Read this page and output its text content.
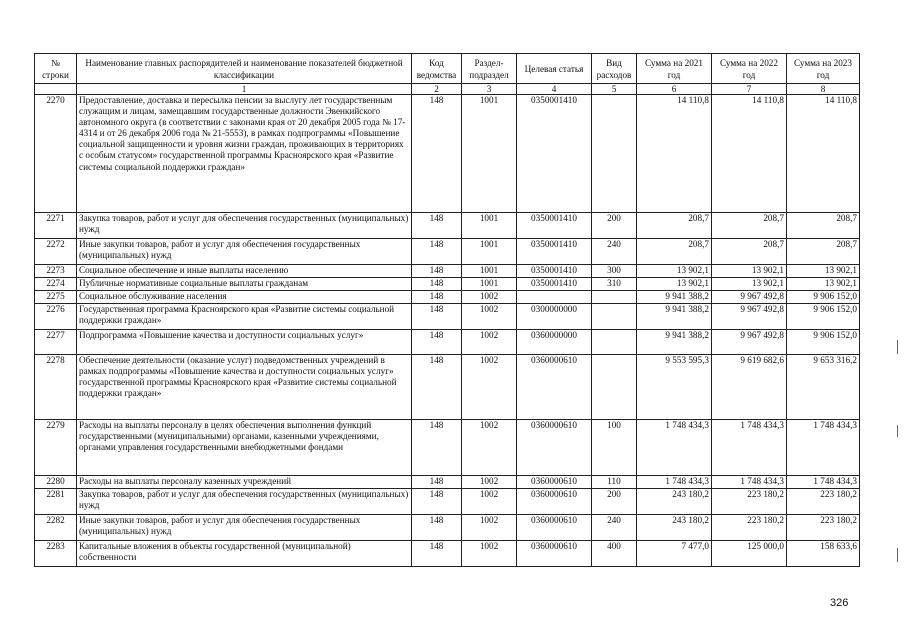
№ строки	Наименование главных распорядителей и наименование показателей бюджетной классификации	Код ведомства	Раздел-подраздел	Целевая статья	Вид расходов	Сумма на 2021 год	Сумма на 2022 год	Сумма на 2023 год
	1	2	3	4	5	6	7	8
2270	Предоставление, доставка и пересылка пенсии за выслугу лет государственным служащим и лицам, замещавшим государственные должности Эвенкийского автономного округа (в соответствии с законами края от 20 декабря 2005 года № 17-4314 и от 26 декабря 2006 года № 21-5553), в рамках подпрограммы «Повышение социальной защищенности и уровня жизни граждан, проживающих в территориях с особым статусом» государственной программы Красноярского края «Развитие системы социальной поддержки граждан»	148	1001	0350001410		14 110,8	14 110,8	14 110,8
2271	Закупка товаров, работ и услуг для обеспечения государственных (муниципальных) нужд	148	1001	0350001410	200	208,7	208,7	208,7
2272	Иные закупки товаров, работ и услуг для обеспечения государственных (муниципальных) нужд	148	1001	0350001410	240	208,7	208,7	208,7
2273	Социальное обеспечение и иные выплаты населению	148	1001	0350001410	300	13 902,1	13 902,1	13 902,1
2274	Публичные нормативные социальные выплаты гражданам	148	1001	0350001410	310	13 902,1	13 902,1	13 902,1
2275	Социальное обслуживание населения	148	1002			9 941 388,2	9 967 492,8	9 906 152,0
2276	Государственная программа Красноярского края «Развитие системы социальной поддержки граждан»	148	1002	0300000000		9 941 388,2	9 967 492,8	9 906 152,0
2277	Подпрограмма «Повышение качества и доступности социальных услуг»	148	1002	0360000000		9 941 388,2	9 967 492,8	9 906 152,0
2278	Обеспечение деятельности (оказание услуг) подведомственных учреждений в рамках подпрограммы «Повышение качества и доступности социальных услуг» государственной программы Красноярского края «Развитие системы социальной поддержки граждан»	148	1002	0360000610		9 553 595,3	9 619 682,6	9 653 316,2
2279	Расходы на выплаты персоналу в целях обеспечения выполнения функций государственными (муниципальными) органами, казенными учреждениями, органами управления государственными внебюджетными фондами	148	1002	0360000610	100	1 748 434,3	1 748 434,3	1 748 434,3
2280	Расходы на выплаты персоналу казенных учреждений	148	1002	0360000610	110	1 748 434,3	1 748 434,3	1 748 434,3
2281	Закупка товаров, работ и услуг для обеспечения государственных (муниципальных) нужд	148	1002	0360000610	200	243 180,2	223 180,2	223 180,2
2282	Иные закупки товаров, работ и услуг для обеспечения государственных (муниципальных) нужд	148	1002	0360000610	240	243 180,2	223 180,2	223 180,2
2283	Капитальные вложения в объекты государственной (муниципальной) собственности	148	1002	0360000610	400	7 477,0	125 000,0	158 633,6
326
